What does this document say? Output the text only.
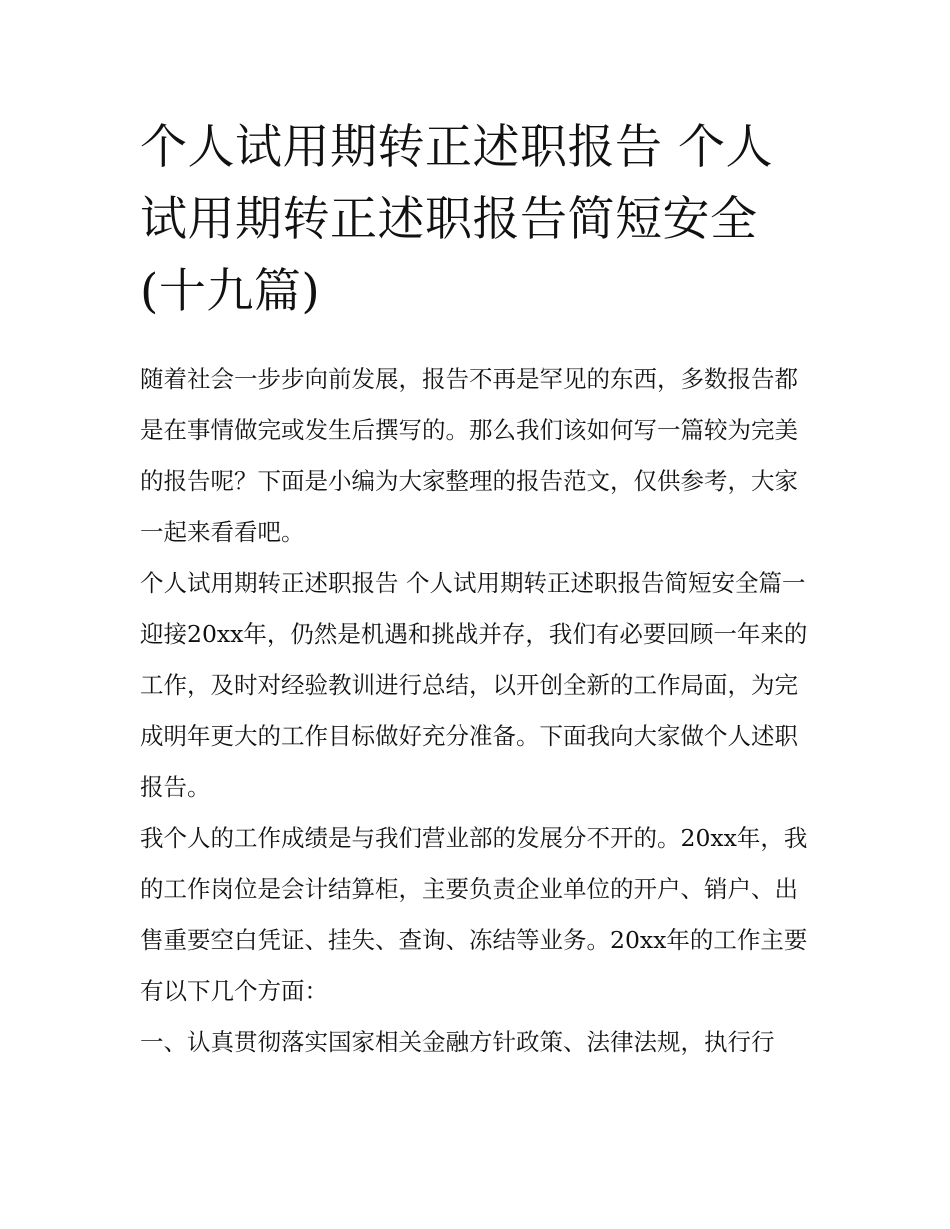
个人试用期转正述职报告 个人试用期转正述职报告简短安全(十九篇)

随着社会一步步向前发展，报告不再是罕见的东西，多数报告都是在事情做完或发生后撰写的。那么我们该如何写一篇较为完美的报告呢？下面是小编为大家整理的报告范文，仅供参考，大家一起来看看吧。

个人试用期转正述职报告 个人试用期转正述职报告简短安全篇一

迎接20xx年，仍然是机遇和挑战并存，我们有必要回顾一年来的工作，及时对经验教训进行总结，以开创全新的工作局面，为完成明年更大的工作目标做好充分准备。下面我向大家做个人述职报告。

我个人的工作成绩是与我们营业部的发展分不开的。20xx年，我的工作岗位是会计结算柜，主要负责企业单位的开户、销户、出售重要空白凭证、挂失、查询、冻结等业务。20xx年的工作主要有以下几个方面：

一、认真贯彻落实国家相关金融方针政策、法律法规，执行行
